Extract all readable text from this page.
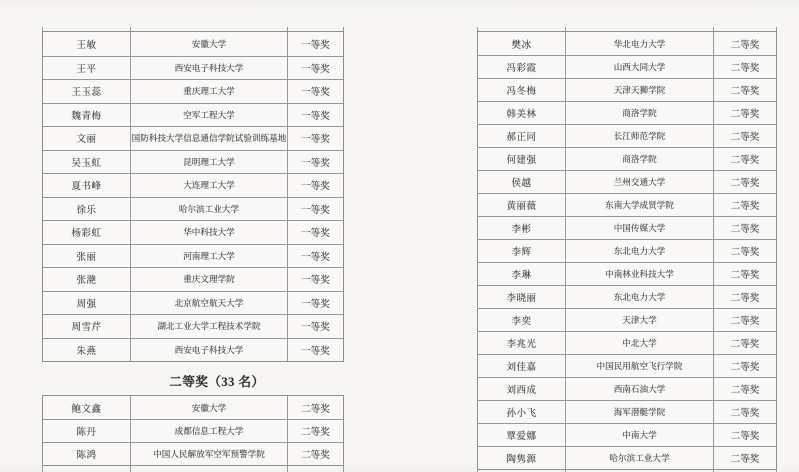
王敏	安徽大学	一等奖
王平	西安电子科技大学	一等奖
王玉蕊	重庆理工大学	一等奖
魏青梅	空军工程大学	一等奖
文丽	国防科技大学信息通信学院试验训练基地	一等奖
吴玉虹	昆明理工大学	一等奖
夏书峰	大连理工大学	一等奖
徐乐	哈尔滨工业大学	一等奖
杨彩虹	华中科技大学	一等奖
张丽	河南理工大学	一等奖
张滟	重庆文理学院	一等奖
周强	北京航空航天大学	一等奖
周雪芹	湖北工业大学工程技术学院	一等奖
朱燕	西安电子科技大学	一等奖
二等奖（33 名）
鲍文鑫	安徽大学	二等奖
陈丹	成都信息工程大学	二等奖
陈鸿	中国人民解放军空军预警学院	二等奖
樊冰	华北电力大学	二等奖
冯彩霞	山西大同大学	二等奖
冯冬梅	天津天狮学院	二等奖
韩美林	商洛学院	二等奖
郝正同	长江师范学院	二等奖
何建强	商洛学院	二等奖
侯越	兰州交通大学	二等奖
黄丽薇	东南大学成贤学院	二等奖
李彬	中国传媒大学	二等奖
李辉	东北电力大学	二等奖
李琳	中南林业科技大学	二等奖
李晓丽	东北电力大学	二等奖
李奕	天津大学	二等奖
李兆光	中北大学	二等奖
刘佳嘉	中国民用航空飞行学院	二等奖
刘西成	西南石油大学	二等奖
孙小飞	海军潜艇学院	二等奖
覃爱娜	中南大学	二等奖
陶隽源	哈尔滨工业大学	二等奖
